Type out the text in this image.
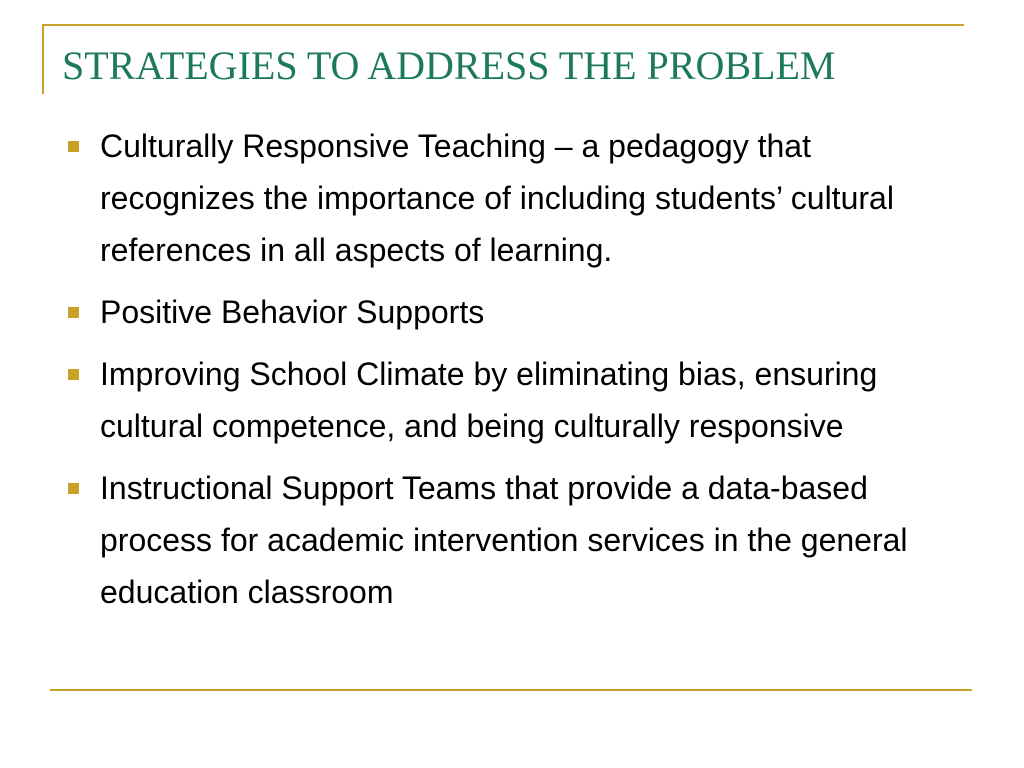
STRATEGIES TO ADDRESS THE PROBLEM
Culturally Responsive Teaching – a pedagogy that recognizes the importance of including students’ cultural references in all aspects of learning.
Positive Behavior Supports
Improving School Climate by eliminating bias, ensuring cultural competence, and being culturally responsive
Instructional Support Teams that provide a data-based process for academic intervention services in the general education classroom
